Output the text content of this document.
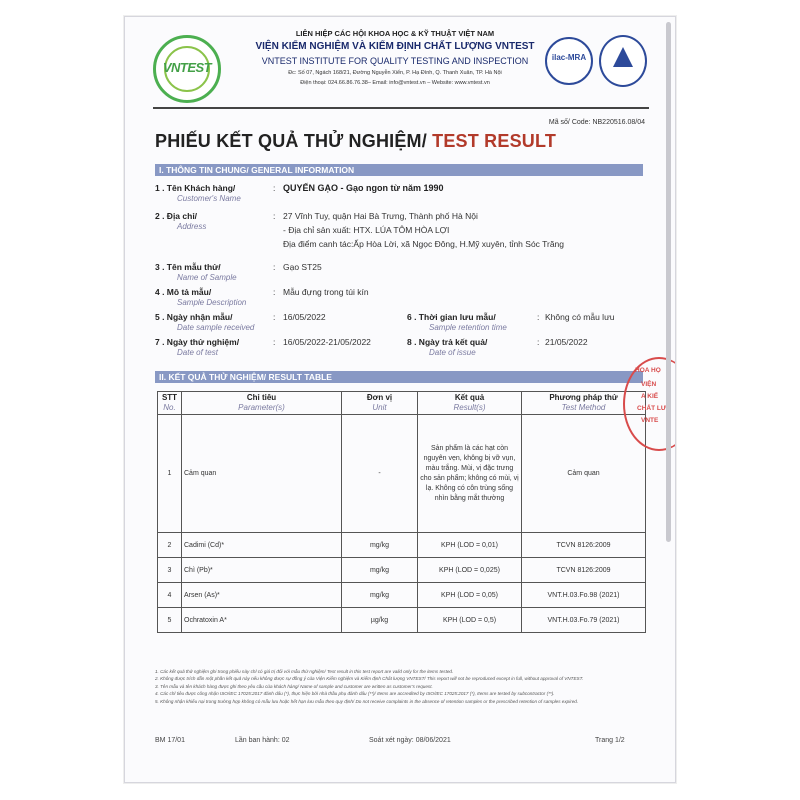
VNTEST
LIÊN HIỆP CÁC HỘI KHOA HỌC & KỸ THUẬT VIỆT NAM
VIỆN KIỂM NGHIỆM VÀ KIỂM ĐỊNH CHẤT LƯỢNG VNTEST
VNTEST INSTITUTE FOR QUALITY TESTING AND INSPECTION
Đc: Số 07, Ngách 168/21, Đường Nguyễn Xiển, P. Hạ Đình, Q. Thanh Xuân, TP. Hà Nội
Điện thoại: 024.66.86.76.38– Email: info@vntest.vn – Website: www.vntest.vn
ilac-MRA
Mã số/ Code: NB220516.08/04
PHIẾU KẾT QUẢ THỬ NGHIỆM/ TEST RESULT
I. THÔNG TIN CHUNG/ GENERAL INFORMATION
1 . Tên Khách hàng/
Customer's Name
: QUYẾN GẠO - Gạo ngon từ năm 1990
2 . Địa chỉ/
Address
: 27 Vĩnh Tuy, quận Hai Bà Trưng, Thành phố Hà Nội
- Địa chỉ sản xuất: HTX. LÚA TÔM HÒA LỢI
Địa điểm canh tác:Ấp Hòa Lời, xã Ngọc Đông, H.Mỹ xuyên, tỉnh Sóc Trăng
3 . Tên mẫu thử/
Name of Sample
: Gạo ST25
4 . Mô tả mẫu/
Sample Description
: Mẫu đựng trong túi kín
5 . Ngày nhận mẫu/
Date sample received
: 16/05/2022	6 . Thời gian lưu mẫu/
Sample retention time
: Không có mẫu lưu
7 . Ngày thử nghiệm/
Date of test
: 16/05/2022-21/05/2022	8 . Ngày trả kết quả/
Date of issue
: 21/05/2022
II. KẾT QUẢ THỬ NGHIỆM/ RESULT TABLE
STT
No.	Chỉ tiêu
Parameter(s)	Đơn vị
Unit	Kết quả
Result(s)	Phương pháp thử
Test Method

1	Cảm quan	-	Sản phẩm là các hạt còn nguyên vẹn, không bị vỡ vụn, màu trắng. Mùi, vị đặc trưng cho sản phẩm; không có mùi, vị lạ. Không có côn trùng sống nhìn bằng mắt thường	Cảm quan
2	Cadimi (Cd)*	mg/kg	KPH (LOD = 0,01)	TCVN 8126:2009
3	Chì (Pb)*	mg/kg	KPH (LOD = 0,025)	TCVN 8126:2009
4	Arsen (As)*	mg/kg	KPH (LOD = 0,05)	VNT.H.03.Fo.98 (2021)
5	Ochratoxin A*	µg/kg	KPH (LOD = 0,5)	VNT.H.03.Fo.79 (2021)
HOA HỌ
VIỆN
A KIỂ
CHẤT LƯ
VNTE
1. Các kết quả thử nghiệm ghi trong phiếu này chỉ có giá trị đối với mẫu thử nghiệm/ Test result in this test report are valid only for the items tested.
2. Không được trích dẫn một phần kết quả này nếu không được sự đồng ý của Viện Kiểm nghiệm và Kiểm định Chất lượng VNTEST/ This report will not be reproduced except in full, without approval of VNTEST.
3. Tên mẫu và tên khách hàng được ghi theo yêu cầu của khách hàng/ Name of sample and customer are written as customer's request.
4. Các chỉ tiêu được công nhận ISO/IEC 17025:2017 đánh dấu (*), thực hiện bởi nhà thầu phụ đánh dấu (**)/ Items are accredited by ISO/IEC 17025:2017 (*), Items are tested by subcontractor (**).
5. Không nhận khiếu nại trong trường hợp không có mẫu lưu hoặc hết hạn lưu mẫu theo quy định/ Do not receive complaints in the absence of retention samples or the prescribed retention of samples expired.
BM 17/01	Lần ban hành: 02	Soát xét ngày: 08/06/2021	Trang 1/2
